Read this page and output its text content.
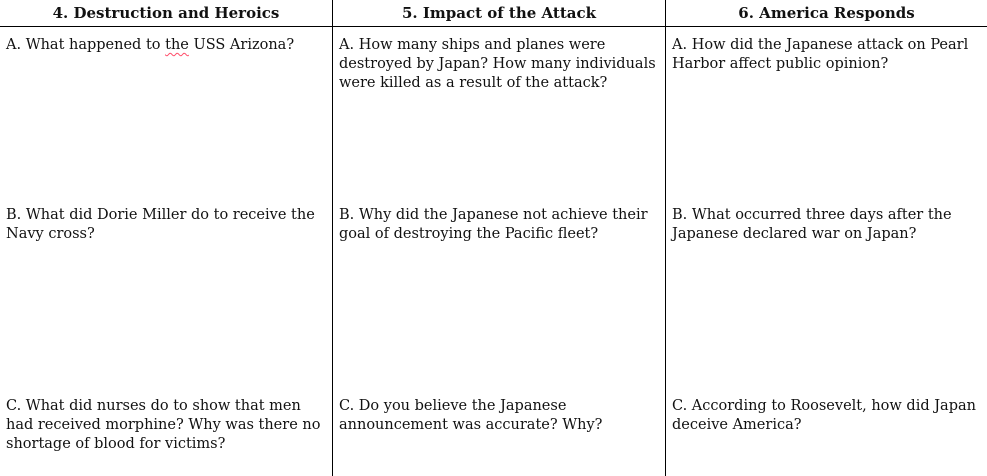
4. Destruction and Heroics	5. Impact of the Attack	6. America Responds
A. What happened to the USS Arizona?
B. What did Dorie Miller do to receive the Navy cross?
C. What did nurses do to show that men had received morphine? Why was there no shortage of blood for victims?
A. How many ships and planes were destroyed by Japan? How many individuals were killed as a result of the attack?
B. Why did the Japanese not achieve their goal of destroying the Pacific fleet?
C. Do you believe the Japanese announcement was accurate? Why?
A. How did the Japanese attack on Pearl Harbor affect public opinion?
B. What occurred three days after the Japanese declared war on Japan?
C. According to Roosevelt, how did Japan deceive America?
